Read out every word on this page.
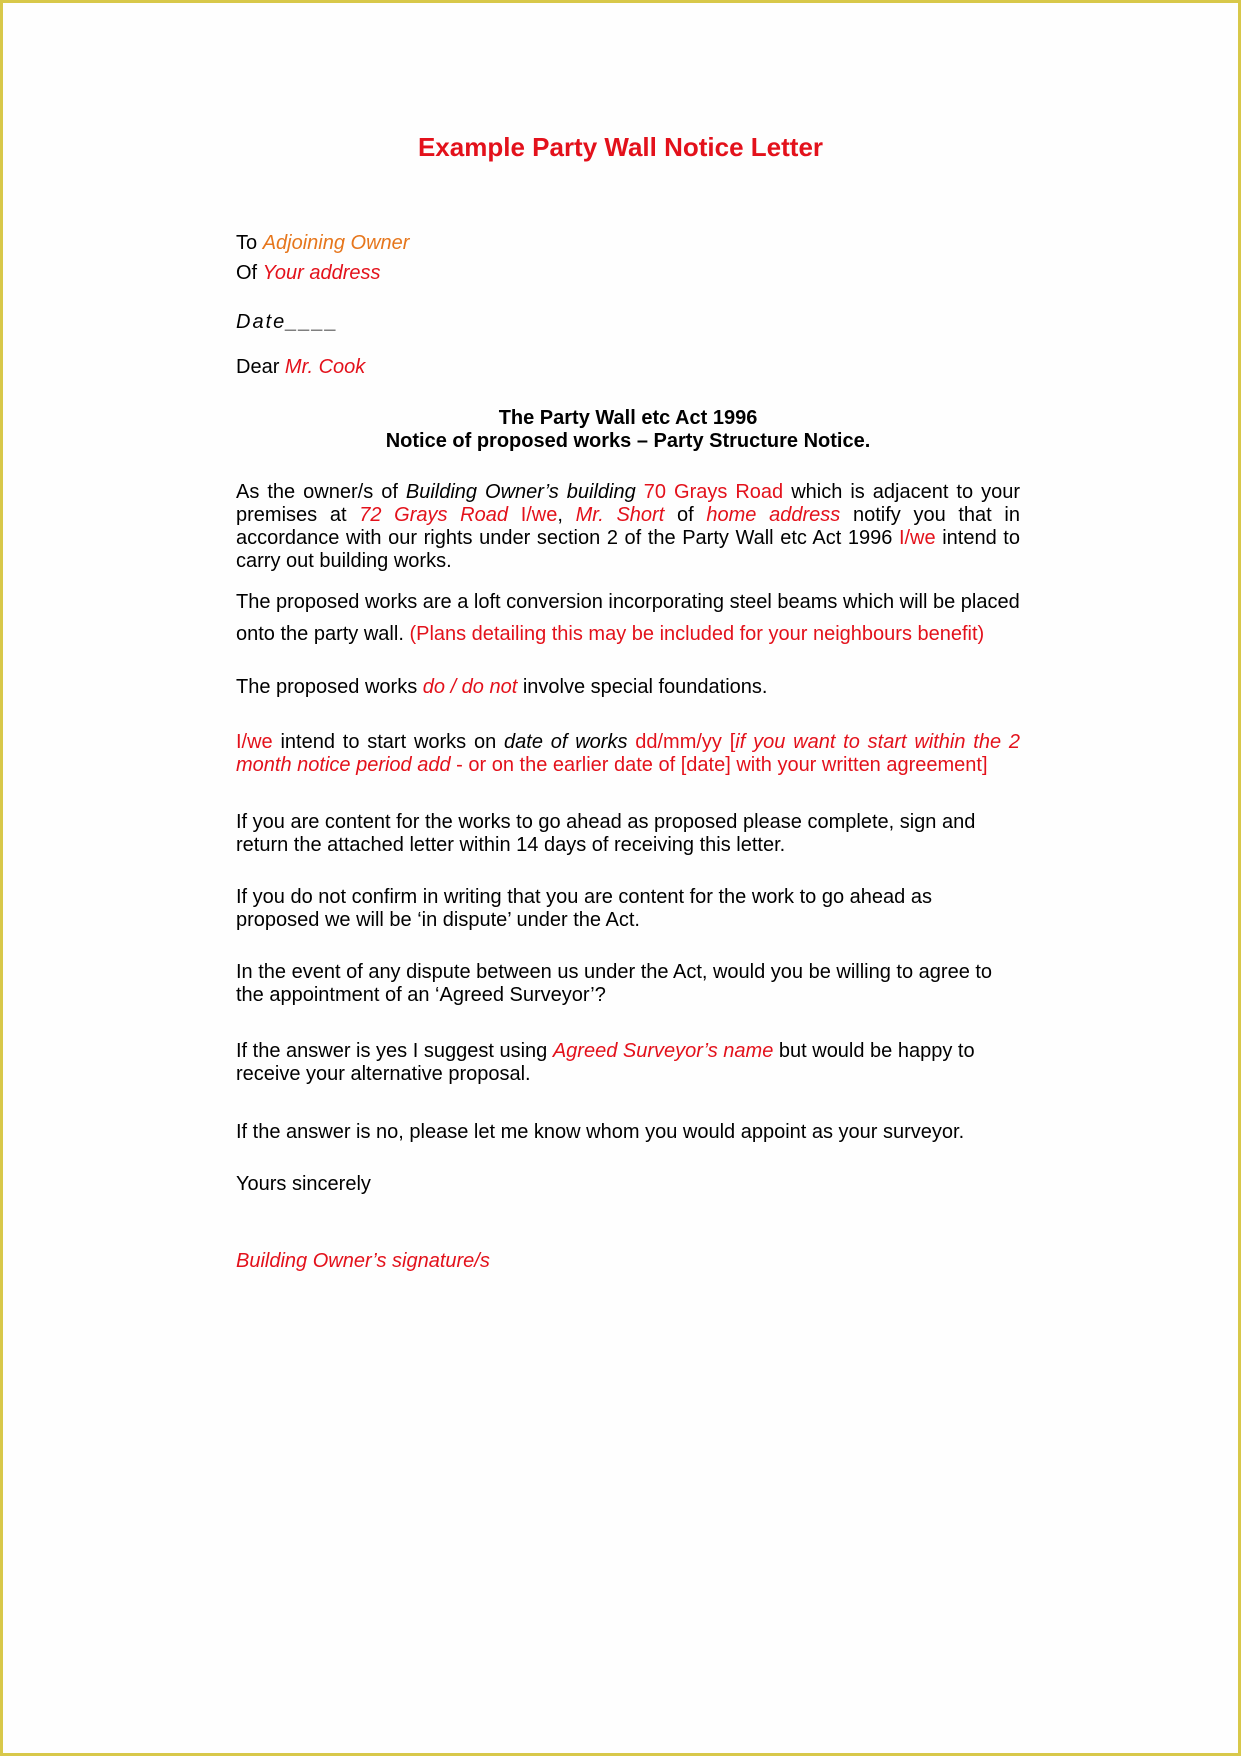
Example Party Wall Notice Letter
To Adjoining Owner
Of Your address
Date____
Dear Mr. Cook
The Party Wall etc Act 1996
Notice of proposed works – Party Structure Notice.
As the owner/s of Building Owner’s building 70 Grays Road which is adjacent to your premises at 72 Grays Road I/we, Mr. Short of home address notify you that in accordance with our rights under section 2 of the Party Wall etc Act 1996 I/we intend to carry out building works.
The proposed works are a loft conversion incorporating steel beams which will be placed onto the party wall. (Plans detailing this may be included for your neighbours benefit)
The proposed works do / do not involve special foundations.
I/we intend to start works on date of works dd/mm/yy [if you want to start within the 2 month notice period add - or on the earlier date of [date] with your written agreement]
If you are content for the works to go ahead as proposed please complete, sign and return the attached letter within 14 days of receiving this letter.
If you do not confirm in writing that you are content for the work to go ahead as proposed we will be ‘in dispute’ under the Act.
In the event of any dispute between us under the Act, would you be willing to agree to the appointment of an ‘Agreed Surveyor’?
If the answer is yes I suggest using Agreed Surveyor’s name but would be happy to receive your alternative proposal.
If the answer is no, please let me know whom you would appoint as your surveyor.
Yours sincerely
Building Owner’s signature/s
